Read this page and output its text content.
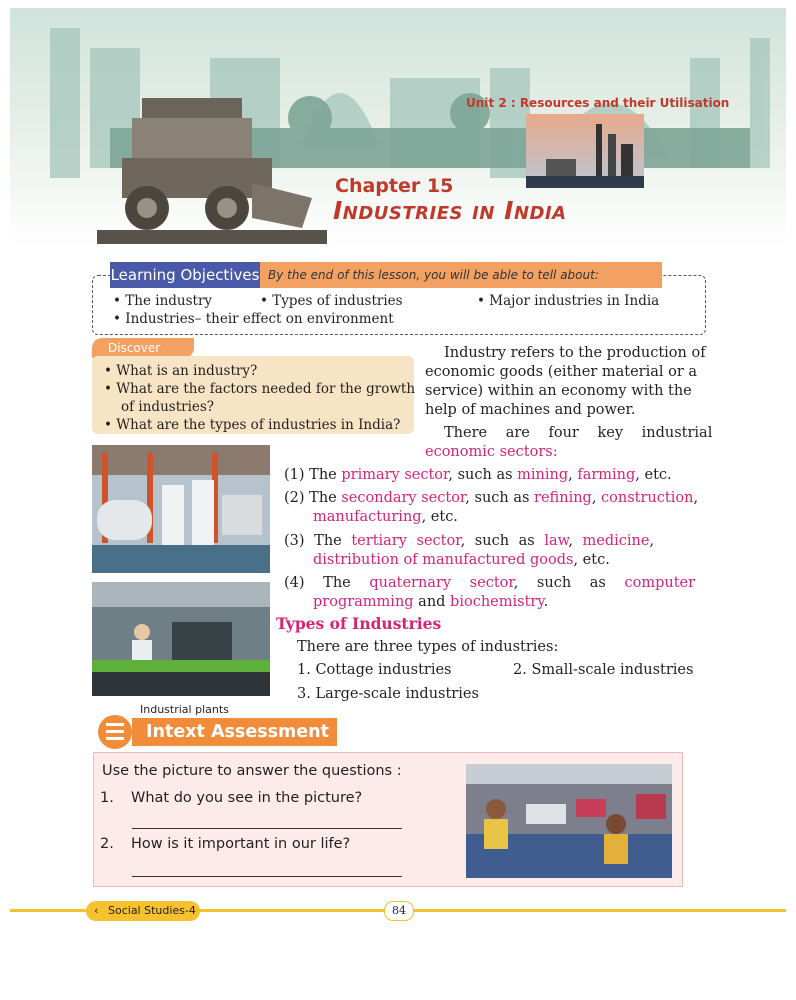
Unit 2 : Resources and their Utilisation
Chapter 15
Industries in India
Learning Objectives By the end of this lesson, you will be able to tell about:
• The industry	• Types of industries	• Major industries in India
• Industries– their effect on environment
Discover
• What is an industry?
• What are the factors needed for the growth
of industries?
• What are the types of industries in India?
Industry refers to the production of
economic goods (either material or a
service) within an economy with the
help of machines and power.
There are four key industrial
economic sectors:
Industrial plants
(1) The primary sector, such as mining, farming, etc.
(2) The secondary sector, such as refining, construction,
manufacturing, etc.
(3) The tertiary sector, such as law, medicine,
distribution of manufactured goods, etc.
(4) The quaternary sector, such as computer
programming and biochemistry.
Types of Industries
There are three types of industries:
1. Cottage industries	2. Small-scale industries
3. Large-scale industries
Intext Assessment
Use the picture to answer the questions :
1. What do you see in the picture?
2. How is it important in our life?
‹ Social Studies-4	84
